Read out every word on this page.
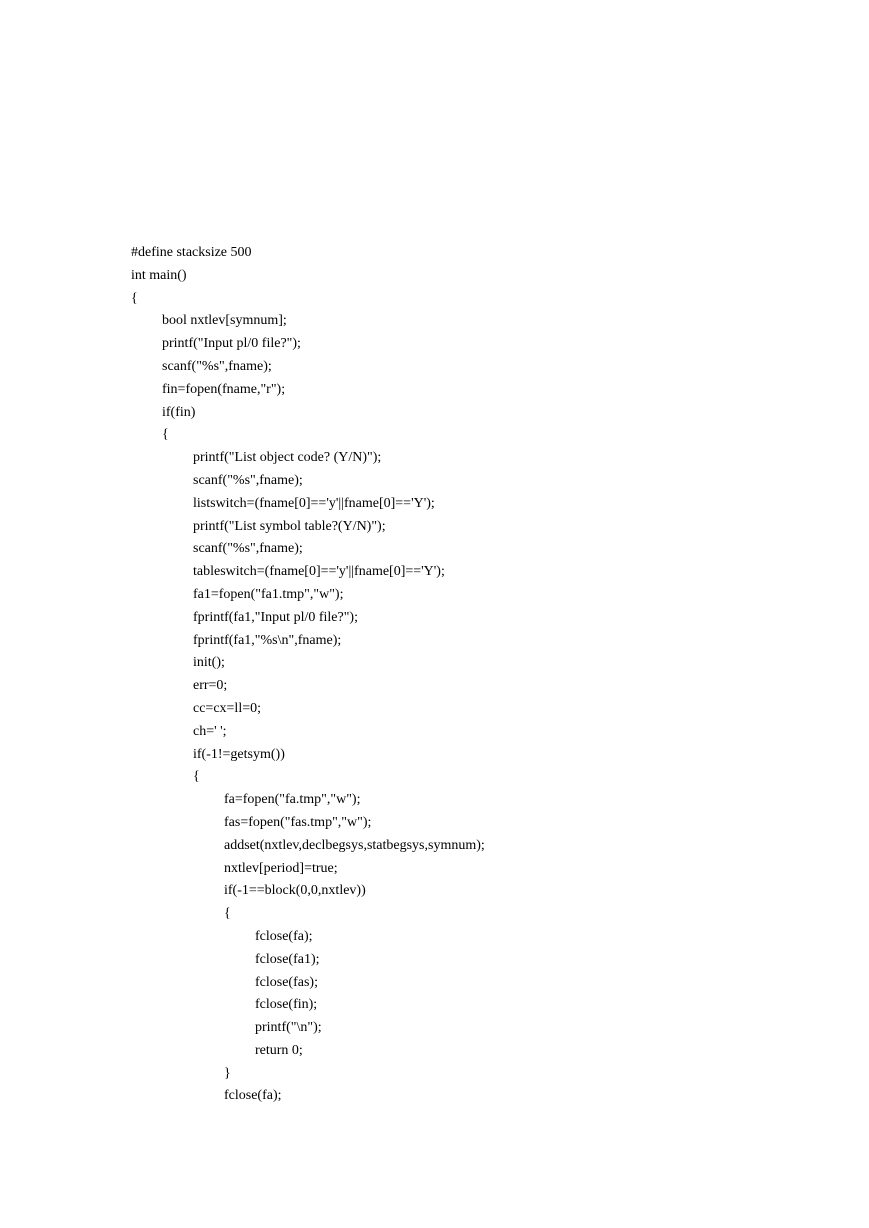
#define stacksize 500
int main()
{
bool nxtlev[symnum];
printf("Input pl/0 file?");
scanf("%s",fname);
fin=fopen(fname,"r");
if(fin)
{
printf("List object code? (Y/N)");
scanf("%s",fname);
listswitch=(fname[0]=='y'||fname[0]=='Y');
printf("List symbol table?(Y/N)");
scanf("%s",fname);
tableswitch=(fname[0]=='y'||fname[0]=='Y');
fa1=fopen("fa1.tmp","w");
fprintf(fa1,"Input pl/0 file?");
fprintf(fa1,"%s\n",fname);
init();
err=0;
cc=cx=ll=0;
ch=' ';
if(-1!=getsym())
{
fa=fopen("fa.tmp","w");
fas=fopen("fas.tmp","w");
addset(nxtlev,declbegsys,statbegsys,symnum);
nxtlev[period]=true;
if(-1==block(0,0,nxtlev))
{
fclose(fa);
fclose(fa1);
fclose(fas);
fclose(fin);
printf("\n");
return 0;
}
fclose(fa);
